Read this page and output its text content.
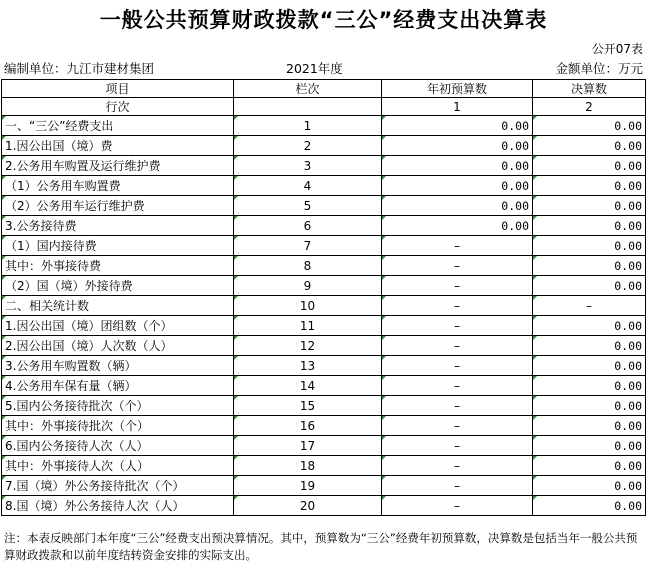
一般公共预算财政拨款“三公”经费支出决算表
公开07表
编制单位：九江市建材集团	2021年度	金额单位：万元
项目	栏次	年初预算数	决算数
行次		1	2
一、“三公”经费支出	1	0.00	0.00
1.因公出国（境）费	2	0.00	0.00
2.公务用车购置及运行维护费	3	0.00	0.00
（1）公务用车购置费	4	0.00	0.00
（2）公务用车运行维护费	5	0.00	0.00
3.公务接待费	6	0.00	0.00
（1）国内接待费	7	–	0.00
其中：外事接待费	8	–	0.00
（2）国（境）外接待费	9	–	0.00
二、相关统计数	10	–	–
1.因公出国（境）团组数（个）	11	–	0.00
2.因公出国（境）人次数（人）	12	–	0.00
3.公务用车购置数（辆）	13	–	0.00
4.公务用车保有量（辆）	14	–	0.00
5.国内公务接待批次（个）	15	–	0.00
其中：外事接待批次（个）	16	–	0.00
6.国内公务接待人次（人）	17	–	0.00
其中：外事接待人次（人）	18	–	0.00
7.国（境）外公务接待批次（个）	19	–	0.00
8.国（境）外公务接待人次（人）	20	–	0.00
注：本表反映部门本年度“三公”经费支出预决算情况。其中，预算数为“三公”经费年初预算数，决算数是包括当年一般公共预算财政拨款和以前年度结转资金安排的实际支出。
